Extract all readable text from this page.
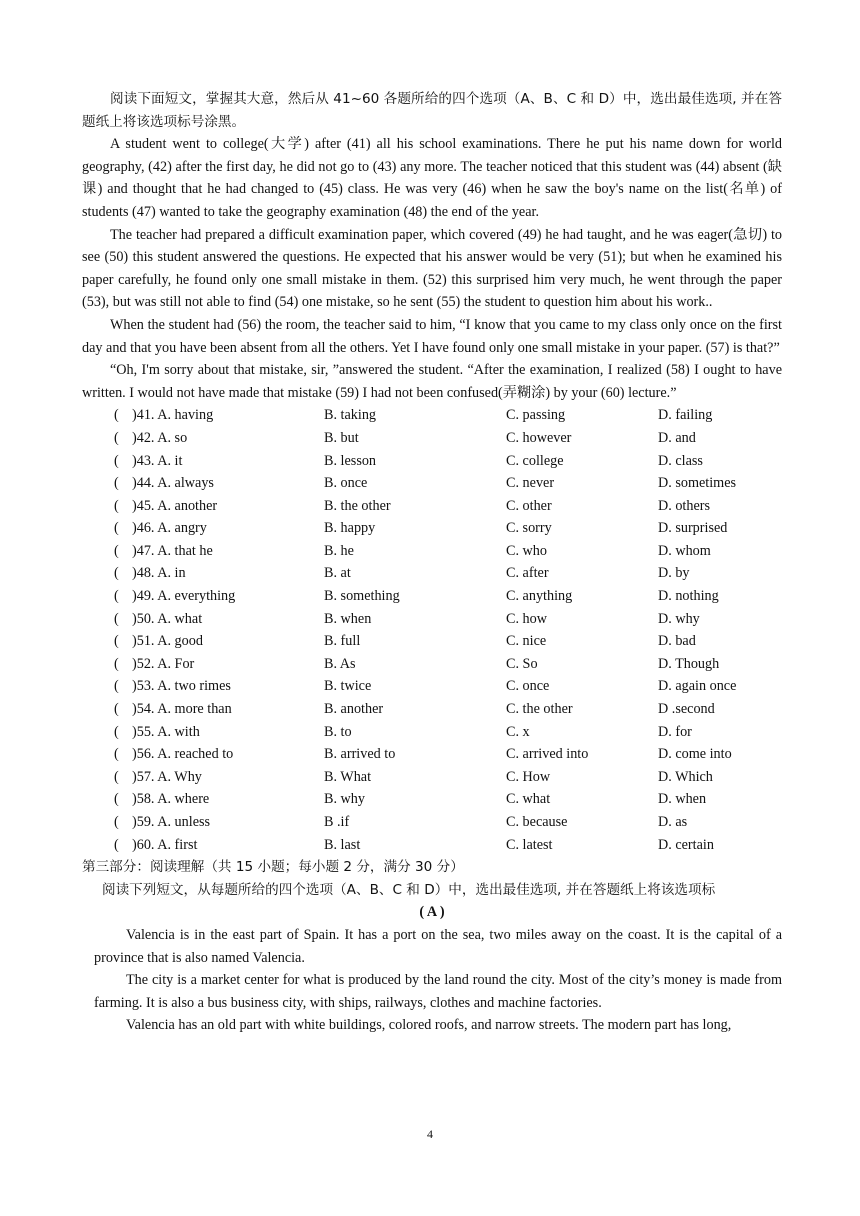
阅读下面短文，掌握其大意，然后从 41~60 各题所给的四个选项（A、B、C 和 D）中，选出最佳选项, 并在答题纸上将该选项标号涂黑。

A student went to college(大学) after (41) all his school examinations. There he put his name down for world geography, (42) after the first day, he did not go to (43) any more. The teacher noticed that this student was (44) absent (缺课) and thought that he had changed to (45) class. He was very (46) when he saw the boy's name on the list(名单) of students (47) wanted to take the geography examination (48) the end of the year.

The teacher had prepared a difficult examination paper, which covered (49) he had taught, and he was eager(急切) to see (50) this student answered the questions. He expected that his answer would be very (51); but when he examined his paper carefully, he found only one small mistake in them. (52) this surprised him very much, he went through the paper (53), but was still not able to find (54) one mistake, so he sent (55) the student to question him about his work..

When the student had (56) the room, the teacher said to him, “I know that you came to my class only once on the first day and that you have been absent from all the others. Yet I have found only one small mistake in your paper. (57) is that?”

“Oh, I'm sorry about that mistake, sir, ”answered the student. “After the examination, I realized (58) I ought to have written. I would not have made that mistake (59) I had not been confused(弄糊涂) by your (60) lecture.”

( )41. A. having	B. taking	C. passing	D. failing
( )42. A. so	B. but	C. however	D. and
( )43. A. it	B. lesson	C. college	D. class
( )44. A. always	B. once	C. never	D. sometimes
( )45. A. another	B. the other	C. other	D. others
( )46. A. angry	B. happy	C. sorry	D. surprised
( )47. A. that he	B. he	C. who	D. whom
( )48. A. in	B. at	C. after	D. by
( )49. A. everything	B. something	C. anything	D. nothing
( )50. A. what	B. when	C. how	D. why
( )51. A. good	B. full	C. nice	D. bad
( )52. A. For	B. As	C. So	D. Though
( )53. A. two rimes	B. twice	C. once	D. again once
( )54. A. more than	B. another	C. the other	D .second
( )55. A. with	B. to	C. x	D. for
( )56. A. reached to	B. arrived to	C. arrived into	D. come into
( )57. A. Why	B. What	C. How	D. Which
( )58. A. where	B. why	C. what	D. when
( )59. A. unless	B .if	C. because	D. as
( )60. A. first	B. last	C. latest	D. certain

第三部分：阅读理解（共 15 小题；每小题 2 分，满分 30 分）

阅读下列短文，从每题所给的四个选项（A、B、C 和 D）中，选出最佳选项, 并在答题纸上将该选项标

( A )

Valencia is in the east part of Spain. It has a port on the sea, two miles away on the coast. It is the capital of a province that is also named Valencia.

The city is a market center for what is produced by the land round the city. Most of the city’s money is made from farming. It is also a bus business city, with ships, railways, clothes and machine factories.

Valencia has an old part with white buildings, colored roofs, and narrow streets. The modern part has long,

4
